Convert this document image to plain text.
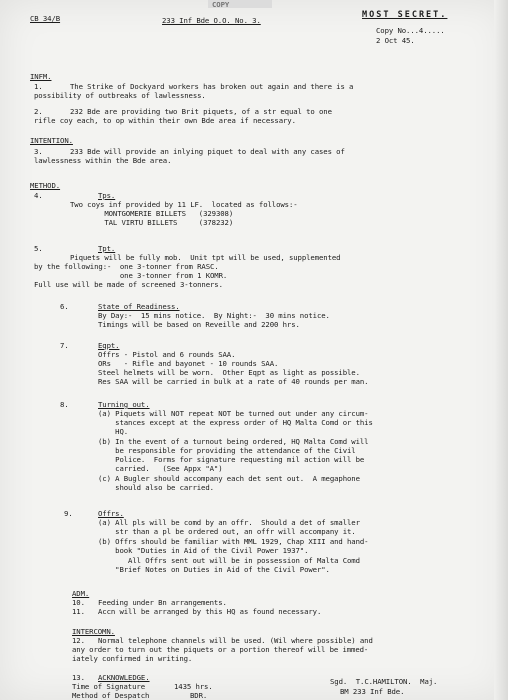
CB 34/B
COPY
233 Inf Bde O.O. No. 3.
MOST SECRET.
Copy No...4.....
2 Oct 45.
INFM.
1.	The Strike of Dockyard workers has broken out again and there is a
possibility of outbreaks of lawlessness.
2.	232 Bde are providing two Brit piquets, of a str equal to one
rifle coy each, to op within their own Bde area if necessary.
INTENTION.
3.	233 Bde will provide an inlying piquet to deal with any cases of
lawlessness within the Bde area.
METHOD.
4.	Tps.
Two coys inf provided by 11 LF.  located as follows:-
MONTGOMERIE BILLETS   (329308)
TAL VIRTU BILLETS     (378232)
5.	Tpt.
Piquets will be fully mob.  Unit tpt will be used, supplemented
by the following:-  one 3-tonner from RASC.
one 3-tonner from 1 KOMR.
Full use will be made of screened 3-tonners.
6.	State of Readiness.
By Day:-  15 mins notice.  By Night:-  30 mins notice.
Timings will be based on Reveille and 2200 hrs.
7.	Eqpt.
Offrs - Pistol and 6 rounds SAA.
ORs   - Rifle and bayonet - 10 rounds SAA.
Steel helmets will be worn.  Other Eqpt as light as possible.
Res SAA will be carried in bulk at a rate of 40 rounds per man.
8.	Turning out.
(a) Piquets will NOT repeat NOT be turned out under any circum-
stances except at the express order of HQ Malta Comd or this
HQ.
(b) In the event of a turnout being ordered, HQ Malta Comd will
be responsible for providing the attendance of the Civil
Police.  Forms for signature requesting mil action will be
carried.   (See Appx "A")
(c) A Bugler should accompany each det sent out.  A megaphone
should also be carried.
9.	Offrs.
(a) All pls will be comd by an offr.  Should a det of smaller
str than a pl be ordered out, an offr will accompany it.
(b) Offrs should be familiar with MML 1929, Chap XIII and hand-
book "Duties in Aid of the Civil Power 1937".
All Offrs sent out will be in possession of Malta Comd
"Brief Notes on Duties in Aid of the Civil Power".
ADM.
10. Feeding under Bn arrangements.
11. Accn will be arranged by this HQ as found necessary.
INTERCOMN.
12. Normal telephone channels will be used. (Wil where possible) and
any order to turn out the piquets or a portion thereof will be immed-
iately confirmed in writing.
13. ACKNOWLEDGE.
Time of Signature	1435 hrs.
Method of Despatch	BDR.
Sgd.  T.C.HAMILTON.  Maj.
BM 233 Inf Bde.
